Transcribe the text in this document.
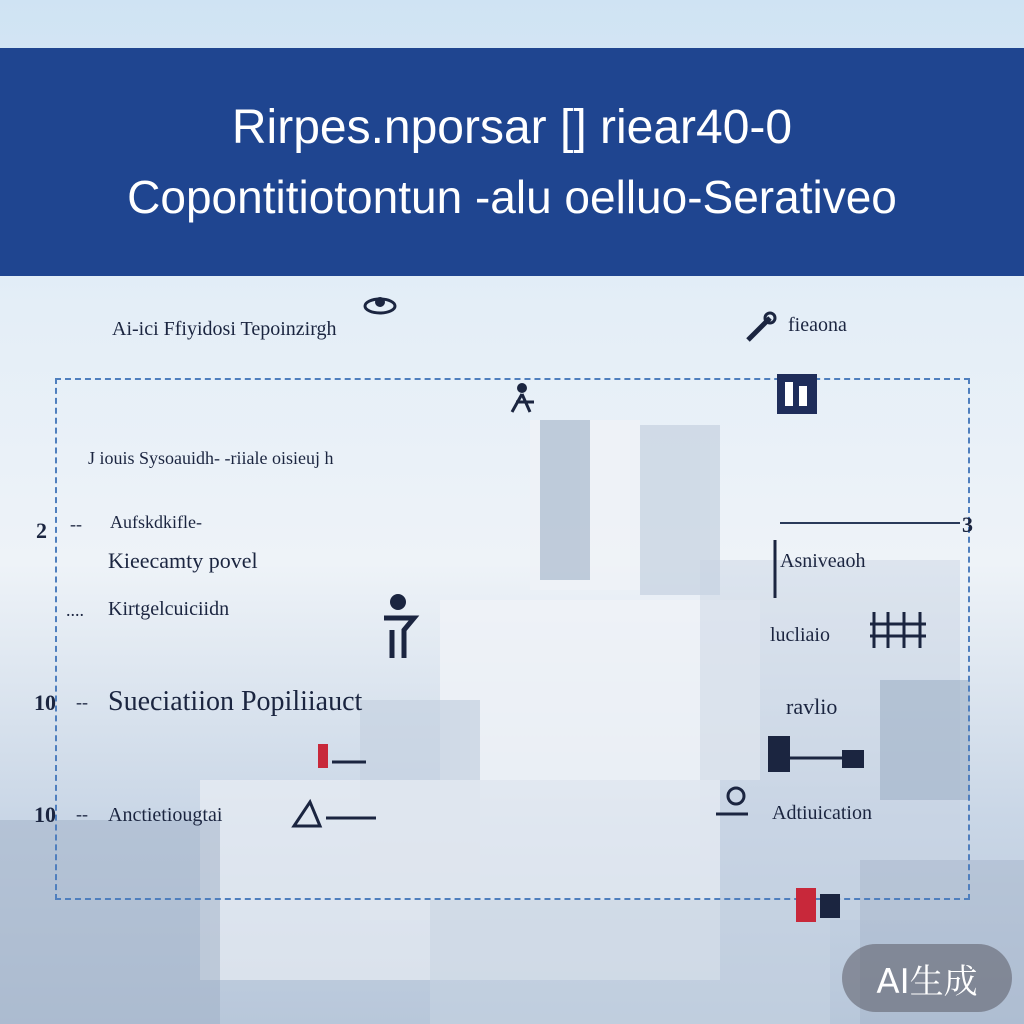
Rirpes.nporsar [] riear40-0
Copontitiotontun -alu oelluo-Serativeo
Ai-ici Ffiyidosi Tepoinzirgh	fieaona
J iouis Sysoauidh- -riiale oisieuj h
2 -- Aufskdkifle-
Kieecamty povel
3
.... Kirtgelcuiciidn
Asniveaoh
lucliaio
10 -- Sueciatiion Popiliiauct	ravlio
10 -- Anctietiougtai	Adtiuication
AI生成
